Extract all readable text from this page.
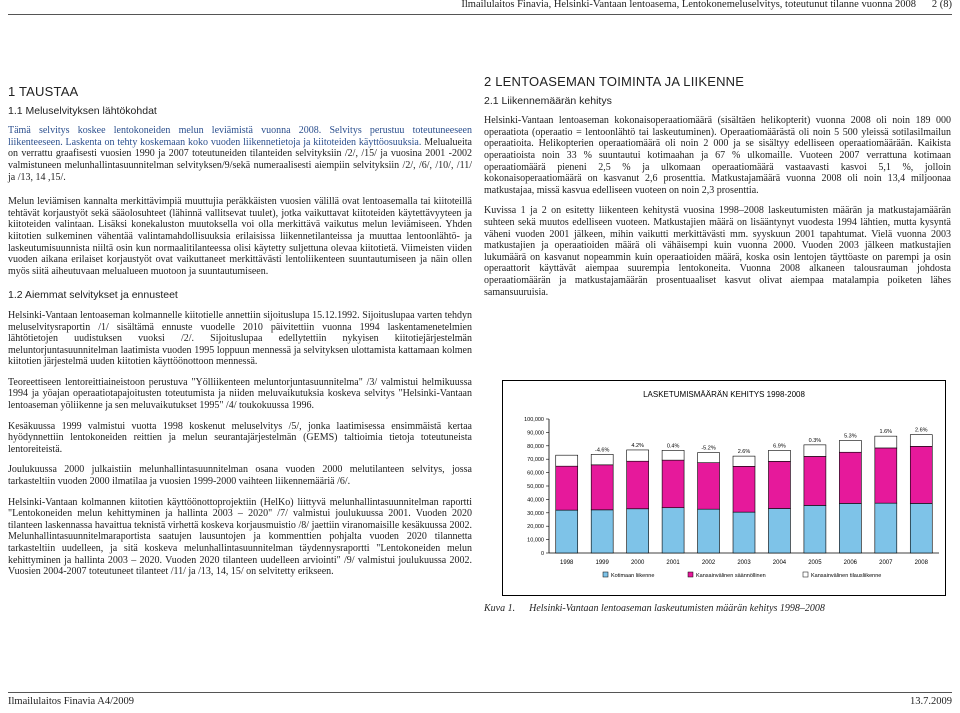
Ilmailulaitos Finavia, Helsinki-Vantaan lentoasema, Lentokonemeluselvitys, toteutunut tilanne vuonna 2008 2 (8)
1 TAUSTAA
1.1 Meluselvityksen lähtökohdat

Tämä selvitys koskee lentokoneiden melun leviämistä vuonna 2008. Selvitys perustuu toteutuneeseen liikenteeseen. Laskenta on tehty koskemaan koko vuoden liikennetietoja ja kiitoteiden käyttöosuuksia. Melualueita on verrattu graafisesti vuosien 1990 ja 2007 toteutuneiden tilanteiden selvityksiin /2/, /15/ ja vuosina 2001 -2002 valmistuneen melunhallintasuunnitelman selvityksen/9/sekä numeraalisesti aiempiin selvityksiin /2/, /6/, /10/, /11/ ja /13, 14 ,15/.

Melun leviämisen kannalta merkittävimpiä muuttujia peräkkäisten vuosien välillä ovat lentoasemalla tai kiitoteillä tehtävät korjaustyöt sekä sääolosuhteet (lähinnä vallitsevat tuulet), jotka vaikuttavat kiitoteiden käytettävyyteen ja kiitoteiden valintaan. Lisäksi konekaluston muutoksella voi olla merkittävä vaikutus melun leviämiseen. Yhden kiitotien sulkeminen vähentää valintamahdollisuuksia erilaisissa liikennetilanteissa ja muuttaa lentoonlähtö- ja laskeutumisuunnista niiltä osin kun normaalitilanteessa olisi käytetty suljettuna olevaa kiitotietä. Viimeisten viiden vuoden aikana erilaiset korjaustyöt ovat vaikuttaneet merkittävästi lentoliikenteen suuntautumiseen ja näin ollen myös siitä aiheutuvaan melualueen muotoon ja suuntautumiseen.

1.2 Aiemmat selvitykset ja ennusteet

Helsinki-Vantaan lentoaseman kolmannelle kiitotielle annettiin sijoituslupa 15.12.1992. Sijoituslupaa varten tehdyn meluselvitysraportin /1/ sisältämä ennuste vuodelle 2010 päivitettiin vuonna 1994 laskentamenetelmien lähtötietojen uudistuksen vuoksi /2/. Sijoituslupaa edellytettiin nykyisen kiitotiejärjestelmän meluntorjuntasuunnitelman laatimista vuoden 1995 loppuun mennessä ja selvityksen ulottamista kattamaan kolmen kiitotien järjestelmä uuden kiitotien käyttöönottoon mennessä.

Teoreettiseen lentoreittiaineistoon perustuva "Yölliikenteen meluntorjuntasuunnitelma" /3/ valmistui helmikuussa 1994 ja yöajan operaatiotapajoitusten toteutumista ja niiden meluvaikutuksia koskeva selvitys "Helsinki-Vantaan lentoaseman yöliikenne ja sen meluvaikutukset 1995" /4/ toukokuussa 1996.

Kesäkuussa 1999 valmistui vuotta 1998 koskenut meluselvitys /5/, jonka laatimisessa ensimmäistä kertaa hyödynnettiin lentokoneiden reittien ja melun seurantajärjestelmän (GEMS) taltioimia tietoja toteutuneista lentoreiteistä.

Joulukuussa 2000 julkaistiin melunhallintasuunnitelman osana vuoden 2000 melutilanteen selvitys, jossa tarkasteltiin vuoden 2000 ilmatilaa ja vuosien 1999-2000 vaihteen liikennemääriä /6/.

Helsinki-Vantaan kolmannen kiitotien käyttöönottoprojektiin (HelKo) liittyvä melunhallintasuunnitelman raportti "Lentokoneiden melun kehittyminen ja hallinta 2003 – 2020" /7/ valmistui joulukuussa 2001. Vuoden 2020 tilanteen laskennassa havaittua teknistä virhettä koskeva korjausmuistio /8/ jaettiin viranomaisille kesäkuussa 2002. Melunhallintasuunnitelmaraportista saatujen lausuntojen ja kommenttien pohjalta vuoden 2020 tilannetta tarkasteltiin uudelleen, ja sitä koskeva melunhallintasuunnitelman täydennysraportti "Lentokoneiden melun kehittyminen ja hallinta 2003 – 2020. Vuoden 2020 tilanteen uudelleen arviointi" /9/ valmistui joulukuussa 2002. Vuosien 2004-2007 toteutuneet tilanteet /11/ ja /13, 14, 15/ on selvitetty erikseen.

2 LENTOASEMAN TOIMINTA JA LIIKENNE
2.1 Liikennemäärän kehitys

Helsinki-Vantaan lentoaseman kokonaisoperaatiomäärä (sisältäen helikopterit) vuonna 2008 oli noin 189 000 operaatiota (operaatio = lentoonlähtö tai laskeutuminen). Operaatiomäärästä oli noin 5 500 yleissä sotilasilmailun operaatioita. Helikopterien operaatiomäärä oli noin 2 000 ja se sisältyy edelliseen operaatiomäärään. Kaikista operaatioista noin 33 % suuntautui kotimaahan ja 67 % ulkomaille. Vuoteen 2007 verrattuna kotimaan operaatiomäärä pieneni 2,5 % ja ulkomaan operaatiomäärä vastaavasti kasvoi 5,1 %, jolloin kokonaisoperaatiomäärä on kasvanut 2,6 prosenttia. Matkustajamäärä vuonna 2008 oli noin 13,4 miljoonaa matkustajaa, missä kasvua edelliseen vuoteen on noin 2,3 prosenttia.

Kuvissa 1 ja 2 on esitetty liikenteen kehitystä vuosina 1998–2008 laskeutumisten määrän ja matkustajamäärän suhteen sekä muutos edelliseen vuoteen. Matkustajien määrä on lisääntynyt vuodesta 1994 lähtien, mutta kysyntä väheni vuoden 2001 jälkeen, mihin vaikutti merkittävästi mm. syyskuun 2001 tapahtumat. Vielä vuonna 2003 matkustajien ja operaatioiden määrä oli vähäisempi kuin vuonna 2000. Vuoden 2003 jälkeen matkustajien lukumäärä on kasvanut nopeammin kuin operaatioiden määrä, koska osin lentojen täyttöaste on parempi ja osin operaattorit käyttävät aiempaa suurempia lentokoneita. Vuonna 2008 alkaneen talousrauman johdosta operaatiomäärän ja matkustajamäärän prosentuaaliset kasvut olivat aiempaa matalampia poiketen lähes samansuuruisia.

LASKETUMISMÄÄRÄN KEHITYS 1998-2008
0
10,000
20,000
30,000
40,000
50,000
60,000
70,000
80,000
90,000
100,000
1998	1999	2000	2001	2002	2003	2004	2005	2006	2007	2008
-4.6%
4.2%	0.4%	-5.2%
2.6%
6.9%
0.3%
5.3%
1.6%	2.6%
Kotimaan liikenne	Kansainvälinen säännöllinen	Kansainvälinen tilausliikenne
Kuva 1. Helsinki-Vantaan lentoaseman laskeutumisten määrän kehitys 1998–2008
Ilmailulaitos Finavia A4/2009	13.7.2009
